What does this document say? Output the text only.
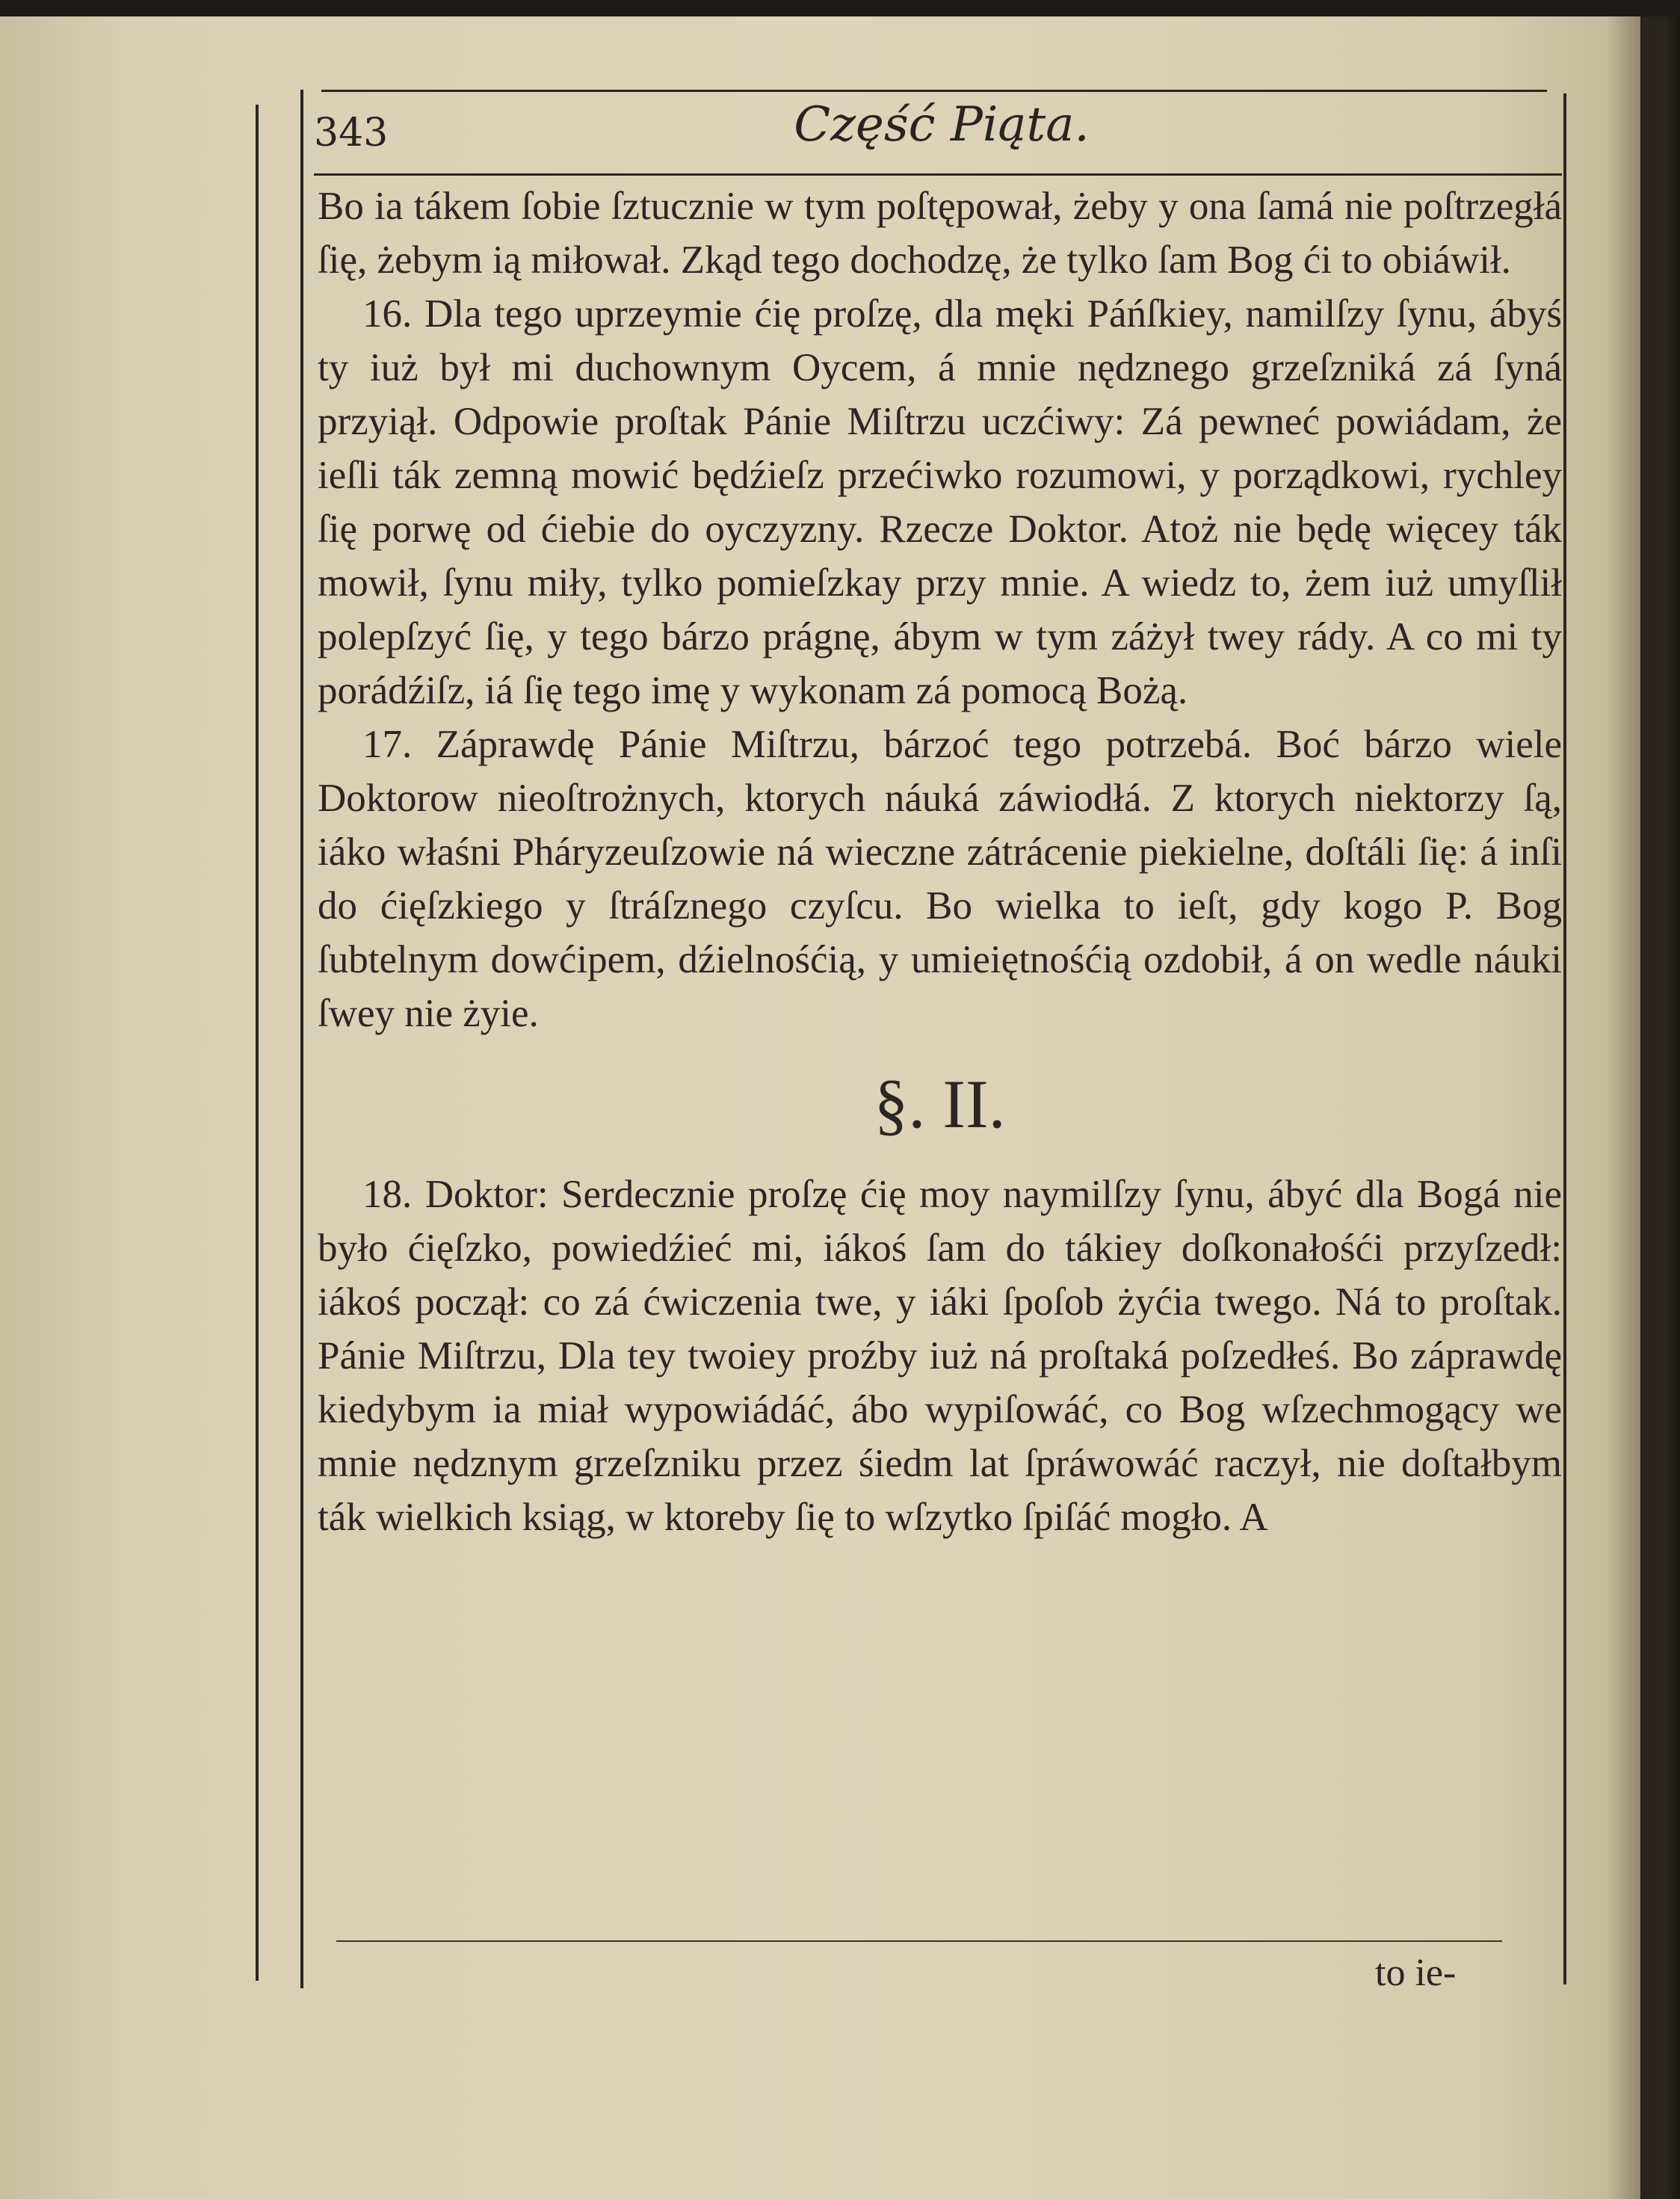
343	Część Piąta.

Bo ia tákem ſobie ſztucznie w tym poſtępował, żeby y ona ſamá nie poſtrzegłá ſię, żebym ią miłował. Zkąd tego dochodzę, że tylko ſam Bog ći to obiáwił.

16. Dla tego uprzeymie ćię proſzę, dla męki Páńſkiey, namilſzy ſynu, ábyś ty iuż był mi duchownym Oycem, á mnie nędznego grzeſzniká zá ſyná przyiął. Odpowie proſtak Pánie Miſtrzu uczćiwy: Zá pewneć powiádam, że ieſli ták zemną mowić będźieſz przećiwko rozumowi, y porządkowi, rychley ſię porwę od ćiebie do oyczyzny. Rzecze Doktor. Atoż nie będę więcey ták mowił, ſynu miły, tylko pomieſzkay przy mnie. A wiedz to, żem iuż umyſlił polepſzyć ſię, y tego bárzo prágnę, ábym w tym záżył twey rády. A co mi ty porádźiſz, iá ſię tego imę y wykonam zá pomocą Bożą.

17. Záprawdę Pánie Miſtrzu, bárzoć tego potrzebá. Boć bárzo wiele Doktorow nieoſtrożnych, ktorych náuká záwiodłá. Z ktorych niektorzy ſą, iáko właśni Pháryzeuſzowie ná wieczne zátrácenie piekielne, doſtáli ſię: á inſi do ćięſzkiego y ſtráſznego czyſcu. Bo wielka to ieſt, gdy kogo P. Bog ſubtelnym dowćipem, dźielnośćią, y umieiętnośćią ozdobił, á on wedle náuki ſwey nie żyie.

§. II.

18. Doktor: Serdecznie proſzę ćię moy naymilſzy ſynu, ábyć dla Bogá nie było ćięſzko, powiedźieć mi, iákoś ſam do tákiey doſkonałośći przyſzedł: iákoś począł: co zá ćwiczenia twe, y iáki ſpoſob żyćia twego. Ná to proſtak. Pánie Miſtrzu, Dla tey twoiey proźby iuż ná proſtaká poſzedłeś. Bo záprawdę kiedybym ia miał wypowiádáć, ábo wypiſowáć, co Bog wſzechmogący we mnie nędznym grzeſzniku przez śiedm lat ſpráwowáć raczył, nie doſtałbym ták wielkich ksiąg, w ktoreby ſię to wſzytko ſpiſáć mogło. A

to ie-
